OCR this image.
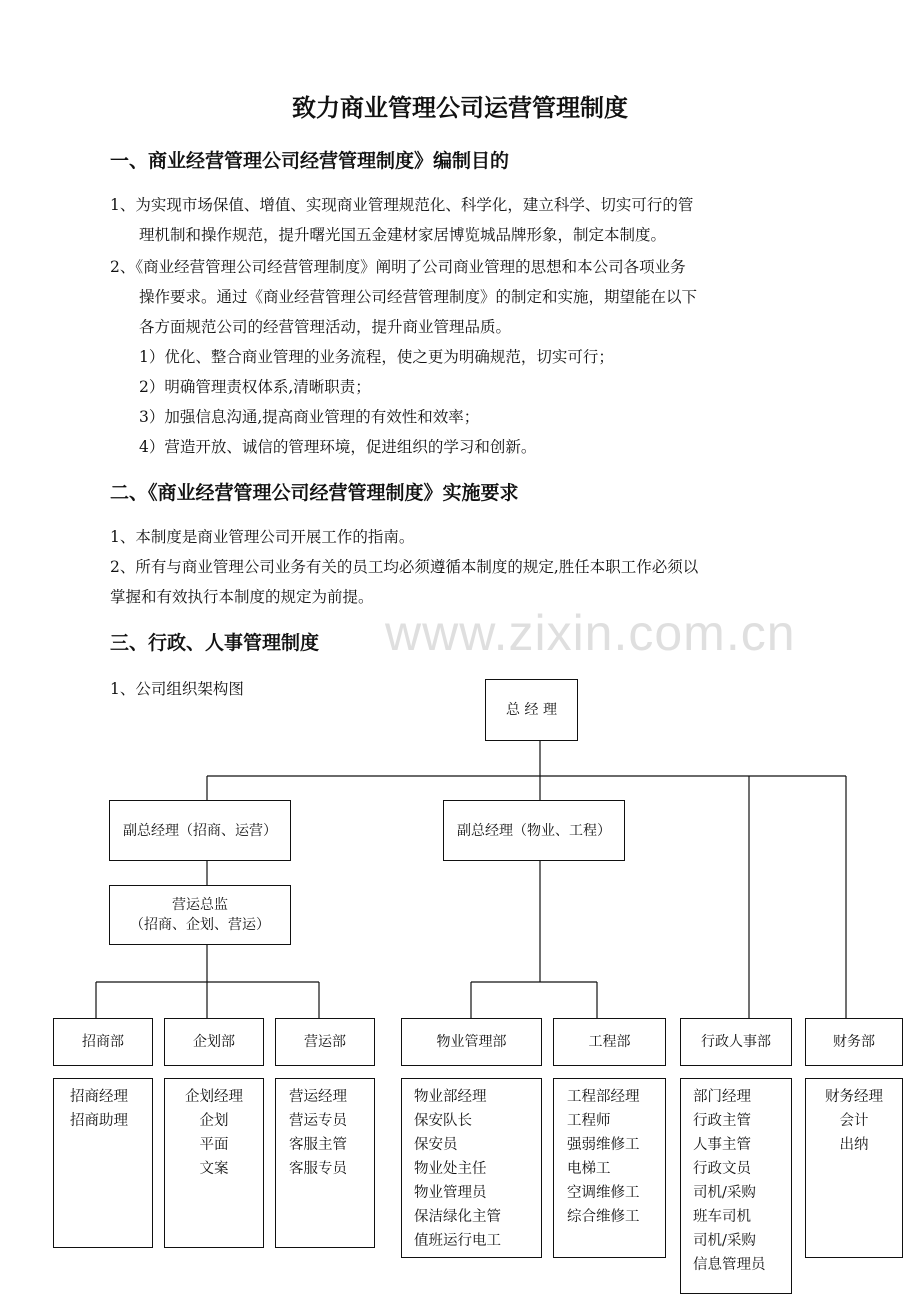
致力商业管理公司运营管理制度
一、商业经营管理公司经营管理制度》编制目的
1、为实现市场保值、增值、实现商业管理规范化、科学化，建立科学、切实可行的管
理机制和操作规范，提升曙光国五金建材家居博览城品牌形象，制定本制度。
2、《商业经营管理公司经营管理制度》阐明了公司商业管理的思想和本公司各项业务
操作要求。通过《商业经营管理公司经营管理制度》的制定和实施，期望能在以下
各方面规范公司的经营管理活动，提升商业管理品质。
1）优化、整合商业管理的业务流程，使之更为明确规范，切实可行；
2）明确管理责权体系,清晰职责；
3）加强信息沟通,提高商业管理的有效性和效率；
4）营造开放、诚信的管理环境，促进组织的学习和创新。
二、《商业经营管理公司经营管理制度》实施要求
1、本制度是商业管理公司开展工作的指南。
2、所有与商业管理公司业务有关的员工均必须遵循本制度的规定,胜任本职工作必须以
掌握和有效执行本制度的规定为前提。
www.zixin.com.cn
三、行政、人事管理制度
1、公司组织架构图
总 经 理
副总经理（招商、运营）	副总经理（物业、工程）
营运总监
（招商、企划、营运）
招商部	企划部	营运部	物业管理部	工程部	行政人事部	财务部
招商经理
招商助理
企划经理
企划
平面
文案
营运经理
营运专员
客服主管
客服专员
物业部经理
保安队长
保安员
物业处主任
物业管理员
保洁绿化主管
值班运行电工
工程部经理
工程师
强弱维修工
电梯工
空调维修工
综合维修工
部门经理
行政主管
人事主管
行政文员
司机/采购
班车司机
司机/采购
信息管理员
财务经理
会计
出纳
